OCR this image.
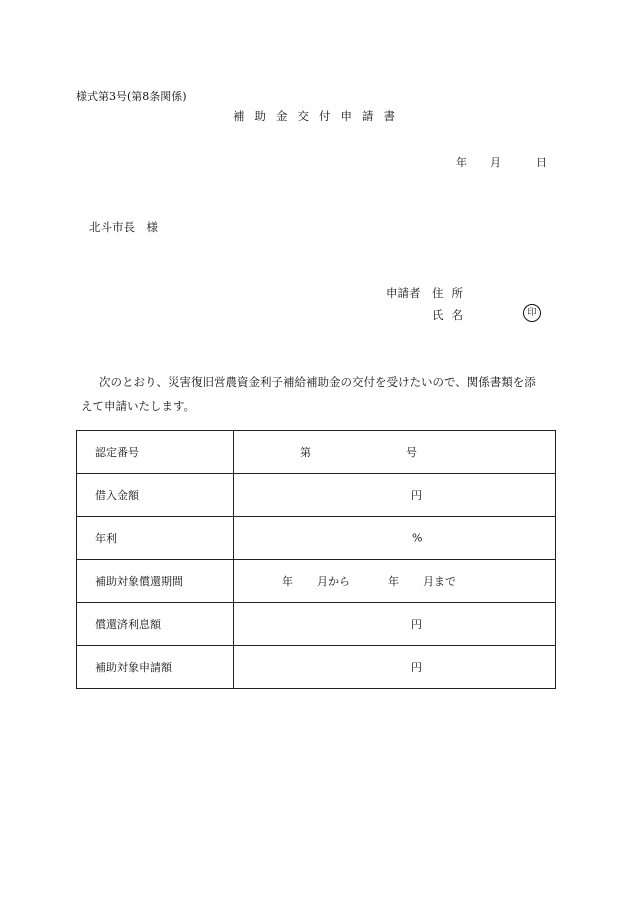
様式第3号(第8条関係)
補助金交付申請書
年 月	日
北斗市長　様
申請者 住所
氏名	印
次のとおり、災害復旧営農資金利子補給補助金の交付を受けたいので、関係書類を添
えて申請いたします。
認定番号	第 号

借入金額	円

年利	%

補助対象償還期間	年 月から 年 月まで

償還済利息額	円

補助対象申請額	円
